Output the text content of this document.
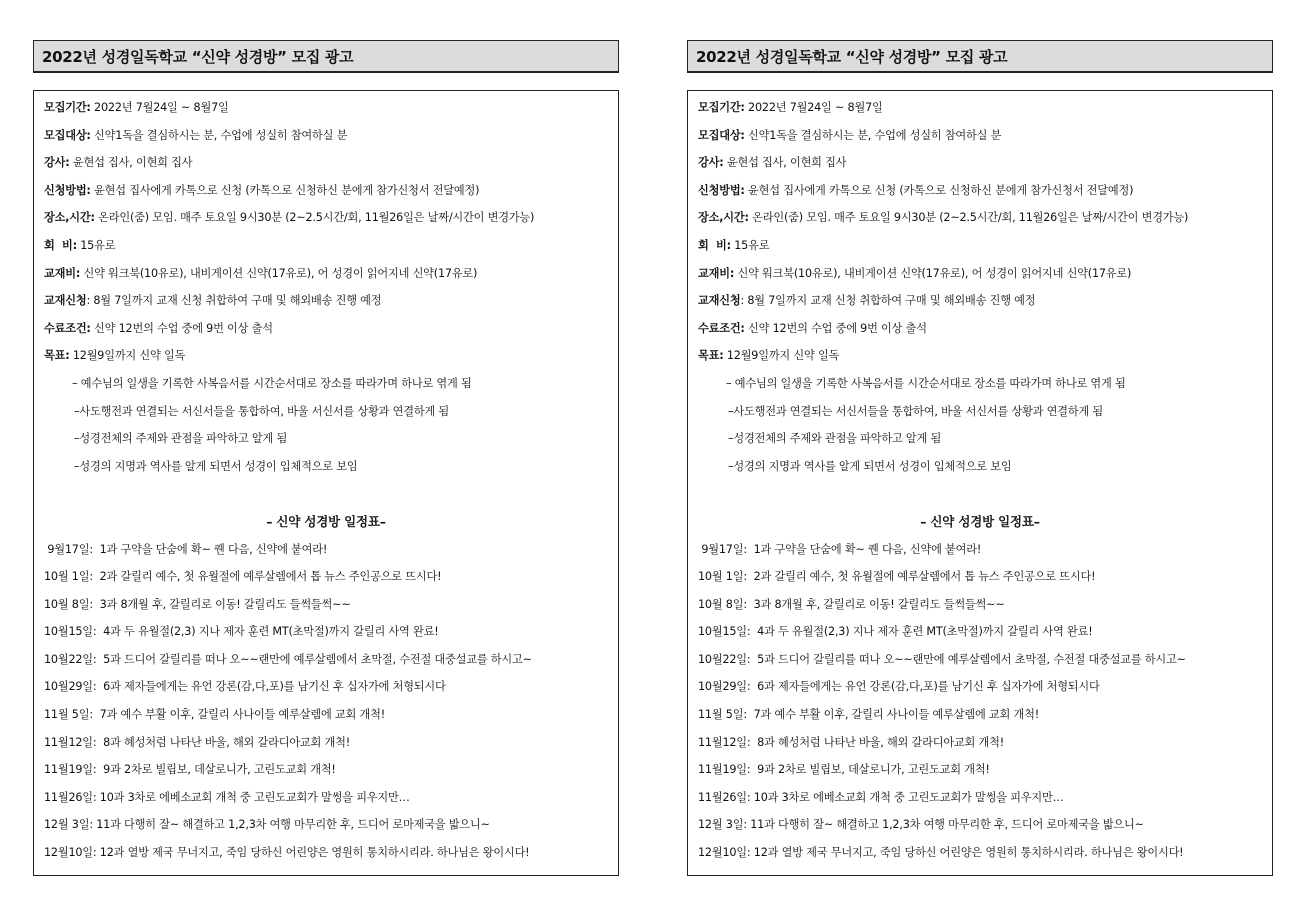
2022년 성경일독학교 “신약 성경방” 모집 광고
모집기간: 2022년 7월24일 ~ 8월7일
모집대상: 신약1독을 결심하시는 분, 수업에 성실히 참여하실 분
강사: 윤현섭 집사, 이현희 집사
신청방법: 윤현섭 집사에게 카톡으로 신청 (카톡으로 신청하신 분에게 참가신청서 전달예정)
장소,시간: 온라인(줌) 모임. 매주 토요일 9시30분 (2~2.5시간/회, 11월26일은 날짜/시간이 변경가능)
회  비: 15유로
교재비: 신약 워크북(10유로), 내비게이션 신약(17유로), 어 성경이 읽어지네 신약(17유로)
교재신청: 8월 7일까지 교재 신청 취합하여 구매 및 해외배송 진행 예정
수료조건: 신약 12번의 수업 중에 9번 이상 출석
목표: 12월9일까지 신약 일독
– 예수님의 일생을 기록한 사복음서를 시간순서대로 장소를 따라가며 하나로 엮게 됨
–사도행전과 연결되는 서신서들을 통합하여, 바울 서신서를 상황과 연결하게 됨
–성경전체의 주제와 관점을 파악하고 알게 됨
–성경의 지명과 역사를 알게 되면서 성경이 입체적으로 보임
– 신약 성경방 일정표–
9월17일:  1과 구약을 단숨에 확~ 퀜 다음, 신약에 붙여라!
10월 1일:  2과 갈릴리 예수, 첫 유월절에 예루살렘에서 톱 뉴스 주인공으로 뜨시다!
10월 8일:  3과 8개월 후, 갈릴리로 이동! 갈릴리도 들썩들썩~~
10월15일:  4과 두 유월절(2,3) 지나 제자 훈련 MT(초막절)까지 갈릴리 사역 완료!
10월22일:  5과 드디어 갈릴리를 떠나 오~~랜만에 예루살렘에서 초막절, 수전절 대중설교를 하시고~
10월29일:  6과 제자들에게는 유언 강론(감,다,포)를 남기신 후 십자가에 처형되시다
11월 5일:  7과 예수 부활 이후, 갈릴리 사나이들 예루살렘에 교회 개척!
11월12일:  8과 혜성처럼 나타난 바울, 해외 갈라디아교회 개척!
11월19일:  9과 2차로 빌립보, 데살로니가, 고린도교회 개척!
11월26일: 10과 3차로 에베소교회 개척 중 고린도교회가 말썽을 피우지만…
12월 3일: 11과 다행히 잘~ 해결하고 1,2,3차 여행 마무리한 후, 드디어 로마제국을 밟으니~
12월10일: 12과 열방 제국 무너지고, 죽임 당하신 어린양은 영원히 통치하시리라. 하나님은 왕이시다!
2022년 성경일독학교 “신약 성경방” 모집 광고
모집기간: 2022년 7월24일 ~ 8월7일
모집대상: 신약1독을 결심하시는 분, 수업에 성실히 참여하실 분
강사: 윤현섭 집사, 이현희 집사
신청방법: 윤현섭 집사에게 카톡으로 신청 (카톡으로 신청하신 분에게 참가신청서 전달예정)
장소,시간: 온라인(줌) 모임. 매주 토요일 9시30분 (2~2.5시간/회, 11월26일은 날짜/시간이 변경가능)
회  비: 15유로
교재비: 신약 워크북(10유로), 내비게이션 신약(17유로), 어 성경이 읽어지네 신약(17유로)
교재신청: 8월 7일까지 교재 신청 취합하여 구매 및 해외배송 진행 예정
수료조건: 신약 12번의 수업 중에 9번 이상 출석
목표: 12월9일까지 신약 일독
– 예수님의 일생을 기록한 사복음서를 시간순서대로 장소를 따라가며 하나로 엮게 됨
–사도행전과 연결되는 서신서들을 통합하여, 바울 서신서를 상황과 연결하게 됨
–성경전체의 주제와 관점을 파악하고 알게 됨
–성경의 지명과 역사를 알게 되면서 성경이 입체적으로 보임
– 신약 성경방 일정표–
9월17일:  1과 구약을 단숨에 확~ 퀜 다음, 신약에 붙여라!
10월 1일:  2과 갈릴리 예수, 첫 유월절에 예루살렘에서 톱 뉴스 주인공으로 뜨시다!
10월 8일:  3과 8개월 후, 갈릴리로 이동! 갈릴리도 들썩들썩~~
10월15일:  4과 두 유월절(2,3) 지나 제자 훈련 MT(초막절)까지 갈릴리 사역 완료!
10월22일:  5과 드디어 갈릴리를 떠나 오~~랜만에 예루살렘에서 초막절, 수전절 대중설교를 하시고~
10월29일:  6과 제자들에게는 유언 강론(감,다,포)를 남기신 후 십자가에 처형되시다
11월 5일:  7과 예수 부활 이후, 갈릴리 사나이들 예루살렘에 교회 개척!
11월12일:  8과 혜성처럼 나타난 바울, 해외 갈라디아교회 개척!
11월19일:  9과 2차로 빌립보, 데살로니가, 고린도교회 개척!
11월26일: 10과 3차로 에베소교회 개척 중 고린도교회가 말썽을 피우지만…
12월 3일: 11과 다행히 잘~ 해결하고 1,2,3차 여행 마무리한 후, 드디어 로마제국을 밟으니~
12월10일: 12과 열방 제국 무너지고, 죽임 당하신 어린양은 영원히 통치하시리라. 하나님은 왕이시다!
